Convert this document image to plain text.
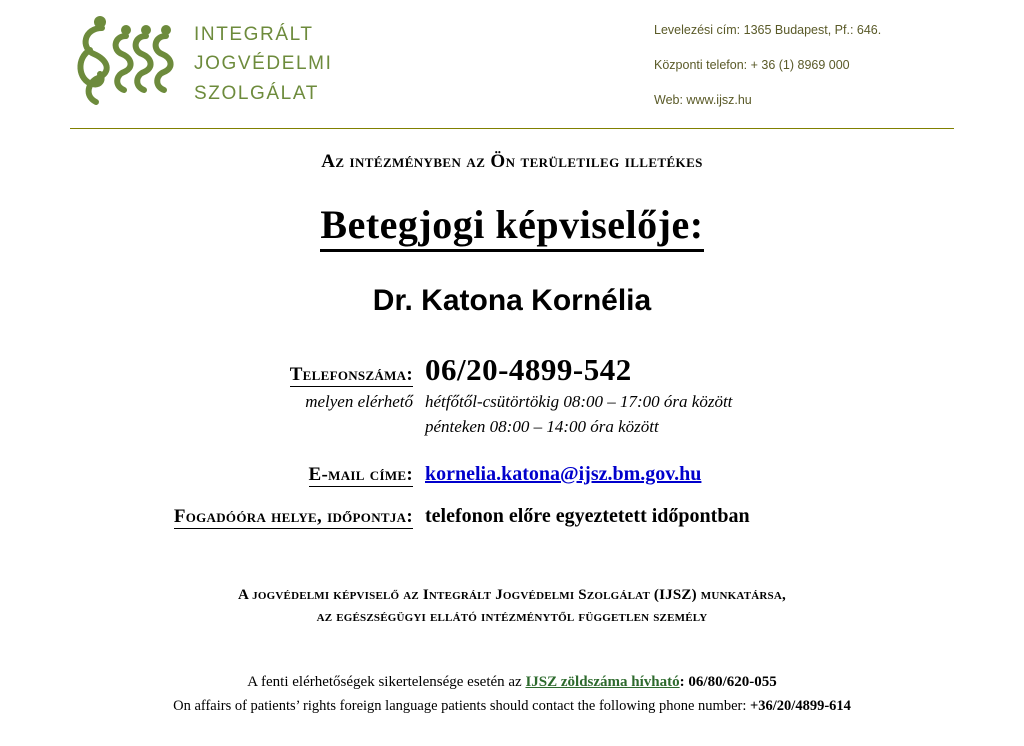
INTEGRÁLT
JOGVÉDELMI
SZOLGÁLAT
Levelezési cím: 1365 Budapest, Pf.: 646.
Központi telefon: + 36 (1) 8969 000
Web: www.ijsz.hu
Az intézményben az Ön területileg illetékes
Betegjogi képviselője:
Dr. Katona Kornélia
Telefonszáma: 06/20-4899-542
melyen elérhető hétfőtől-csütörtökig 08:00 – 17:00 óra között
pénteken 08:00 – 14:00 óra között
E-mail címe: kornelia.katona@ijsz.bm.gov.hu
Fogadóóra helye, időpontja: telefonon előre egyeztetett időpontban
A jogvédelmi képviselő az Integrált Jogvédelmi Szolgálat (IJSZ) munkatársa,
az egészségügyi ellátó intézménytől független személy
A fenti elérhetőségek sikertelensége esetén az IJSZ zöldszáma hívható: 06/80/620-055
On affairs of patients’ rights foreign language patients should contact the following phone number: +36/20/4899-614
